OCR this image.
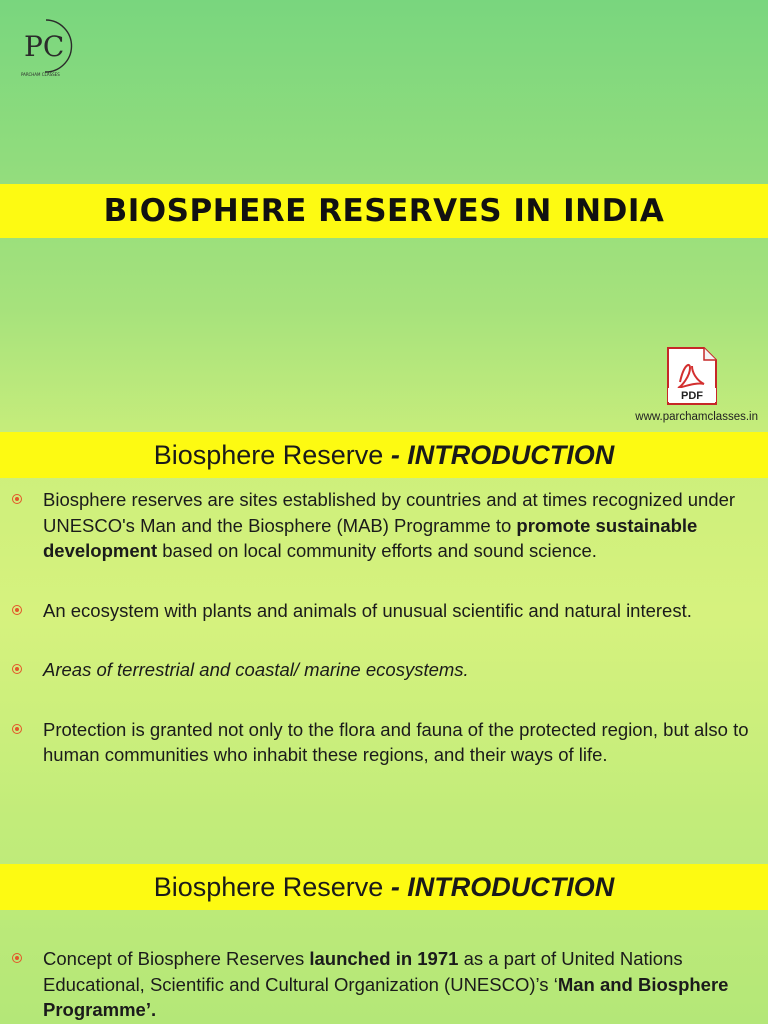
PC
PARCHAM CLASSES
BIOSPHERE RESERVES IN INDIA
PDF
www.parchamclasses.in
Biosphere Reserve - INTRODUCTION
Biosphere reserves are sites established by countries and at times recognized under UNESCO's Man and the Biosphere (MAB) Programme to promote sustainable development based on local community efforts and sound science.
An ecosystem with plants and animals of unusual scientific and natural interest.
Areas of terrestrial and coastal/ marine ecosystems.
Protection is granted not only to the flora and fauna of the protected region, but also to human communities who inhabit these regions, and their ways of life.
Biosphere Reserve - INTRODUCTION
Concept of Biosphere Reserves launched in 1971 as a part of United Nations Educational, Scientific and Cultural Organization (UNESCO)’s ‘Man and Biosphere Programme’.
